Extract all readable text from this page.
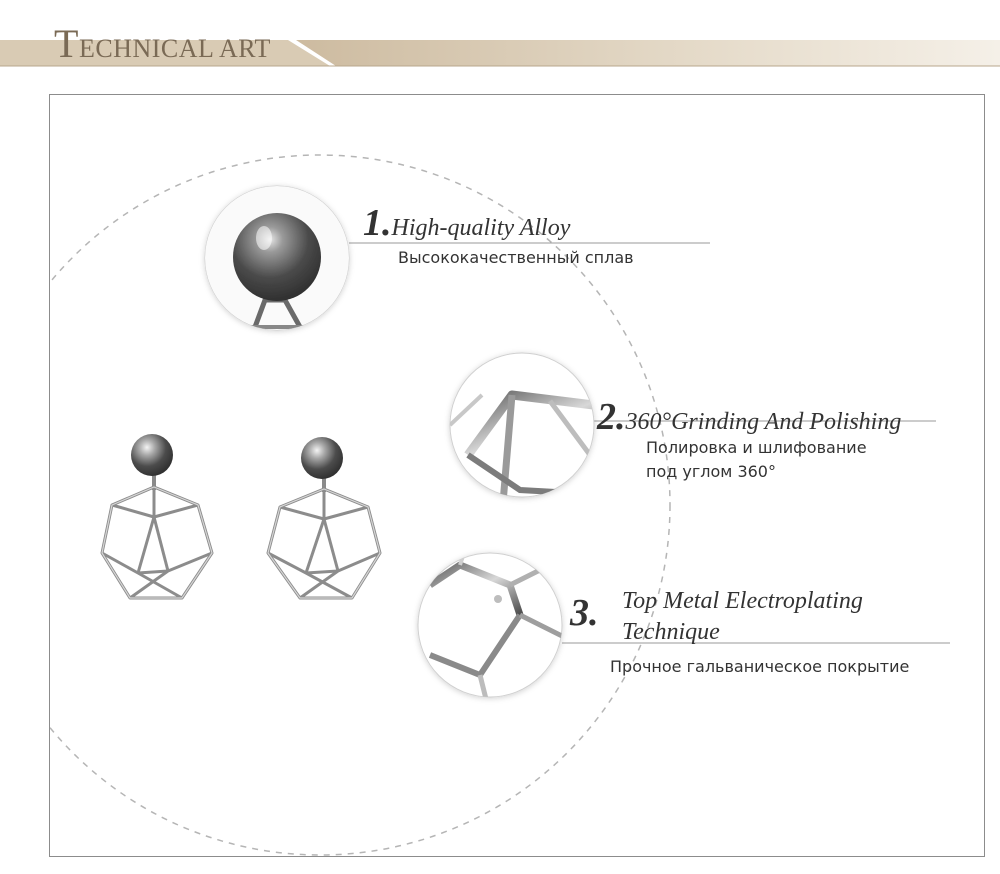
TECHNICAL ART
1.High-quality Alloy
Высококачественный сплав
2.360°Grinding And Polishing
Полировка и шлифование
под углом 360°
3. Top Metal Electroplating
Technique
Прочное гальваническое покрытие
